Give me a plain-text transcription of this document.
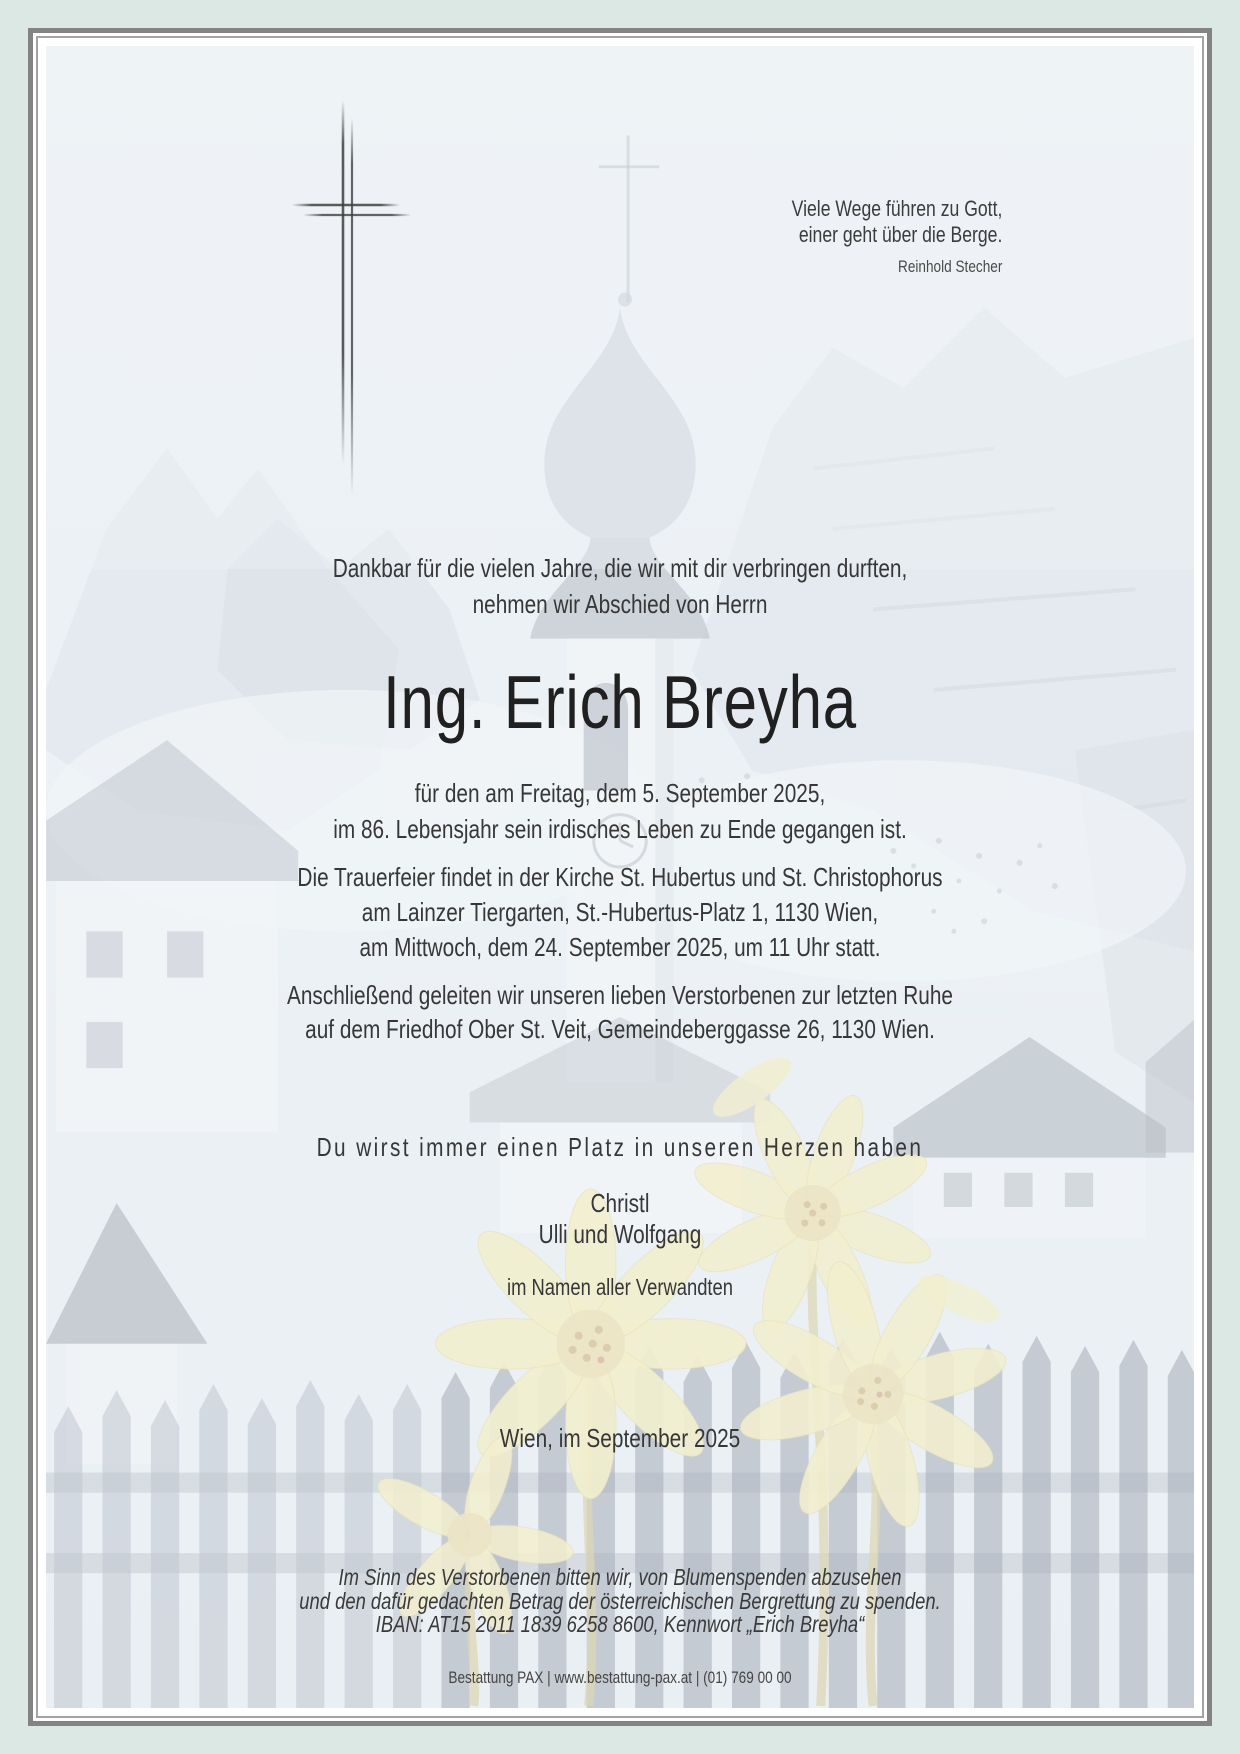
Viele Wege führen zu Gott,
einer geht über die Berge.
Reinhold Stecher
Dankbar für die vielen Jahre, die wir mit dir verbringen durften,
nehmen wir Abschied von Herrn
Ing. Erich Breyha
für den am Freitag, dem 5. September 2025,
im 86. Lebensjahr sein irdisches Leben zu Ende gegangen ist.
Die Trauerfeier findet in der Kirche St. Hubertus und St. Christophorus
am Lainzer Tiergarten, St.-Hubertus-Platz 1, 1130 Wien,
am Mittwoch, dem 24. September 2025, um 11 Uhr statt.
Anschließend geleiten wir unseren lieben Verstorbenen zur letzten Ruhe
auf dem Friedhof Ober St. Veit, Gemeindeberggasse 26, 1130 Wien.
Du wirst immer einen Platz in unseren Herzen haben
Christl
Ulli und Wolfgang
im Namen aller Verwandten
Wien, im September 2025
Im Sinn des Verstorbenen bitten wir, von Blumenspenden abzusehen
und den dafür gedachten Betrag der österreichischen Bergrettung zu spenden.
IBAN: AT15 2011 1839 6258 8600, Kennwort „Erich Breyha“
Bestattung PAX | www.bestattung-pax.at | (01) 769 00 00
